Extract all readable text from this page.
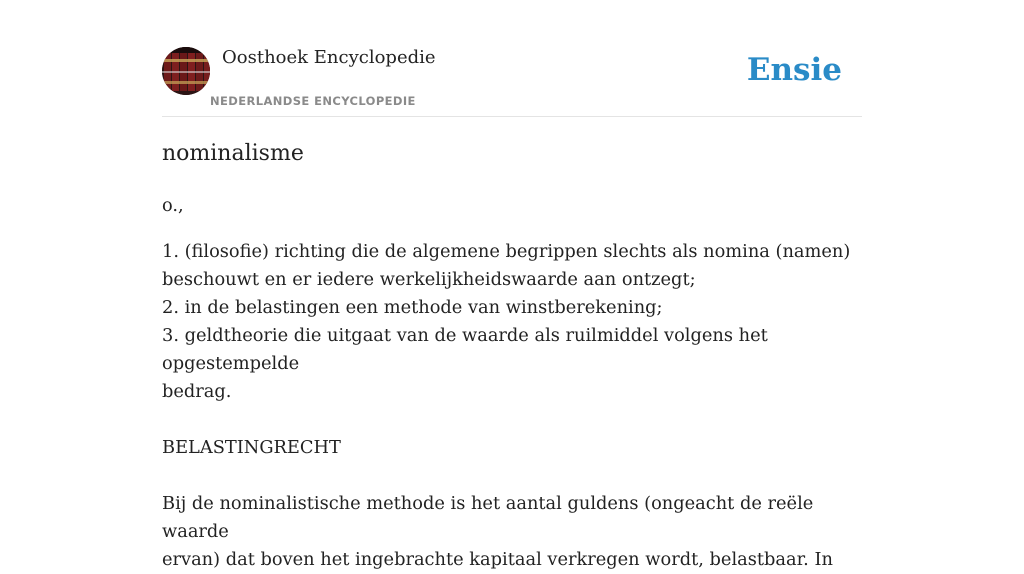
Oosthoek Encyclopedie
NEDERLANDSE ENCYCLOPEDIE
Ensie
nominalisme

o.,

1. (filosofie) richting die de algemene begrippen slechts als nomina (namen)

beschouwt en er iedere werkelijkheidswaarde aan ontzegt;

2. in de belastingen een methode van winstberekening;

3. geldtheorie die uitgaat van de waarde als ruilmiddel volgens het opgestempelde

bedrag.

BELASTINGRECHT

Bij de nominalistische methode is het aantal guldens (ongeacht de reële waarde

ervan) dat boven het ingebrachte kapitaal verkregen wordt, belastbaar. In
